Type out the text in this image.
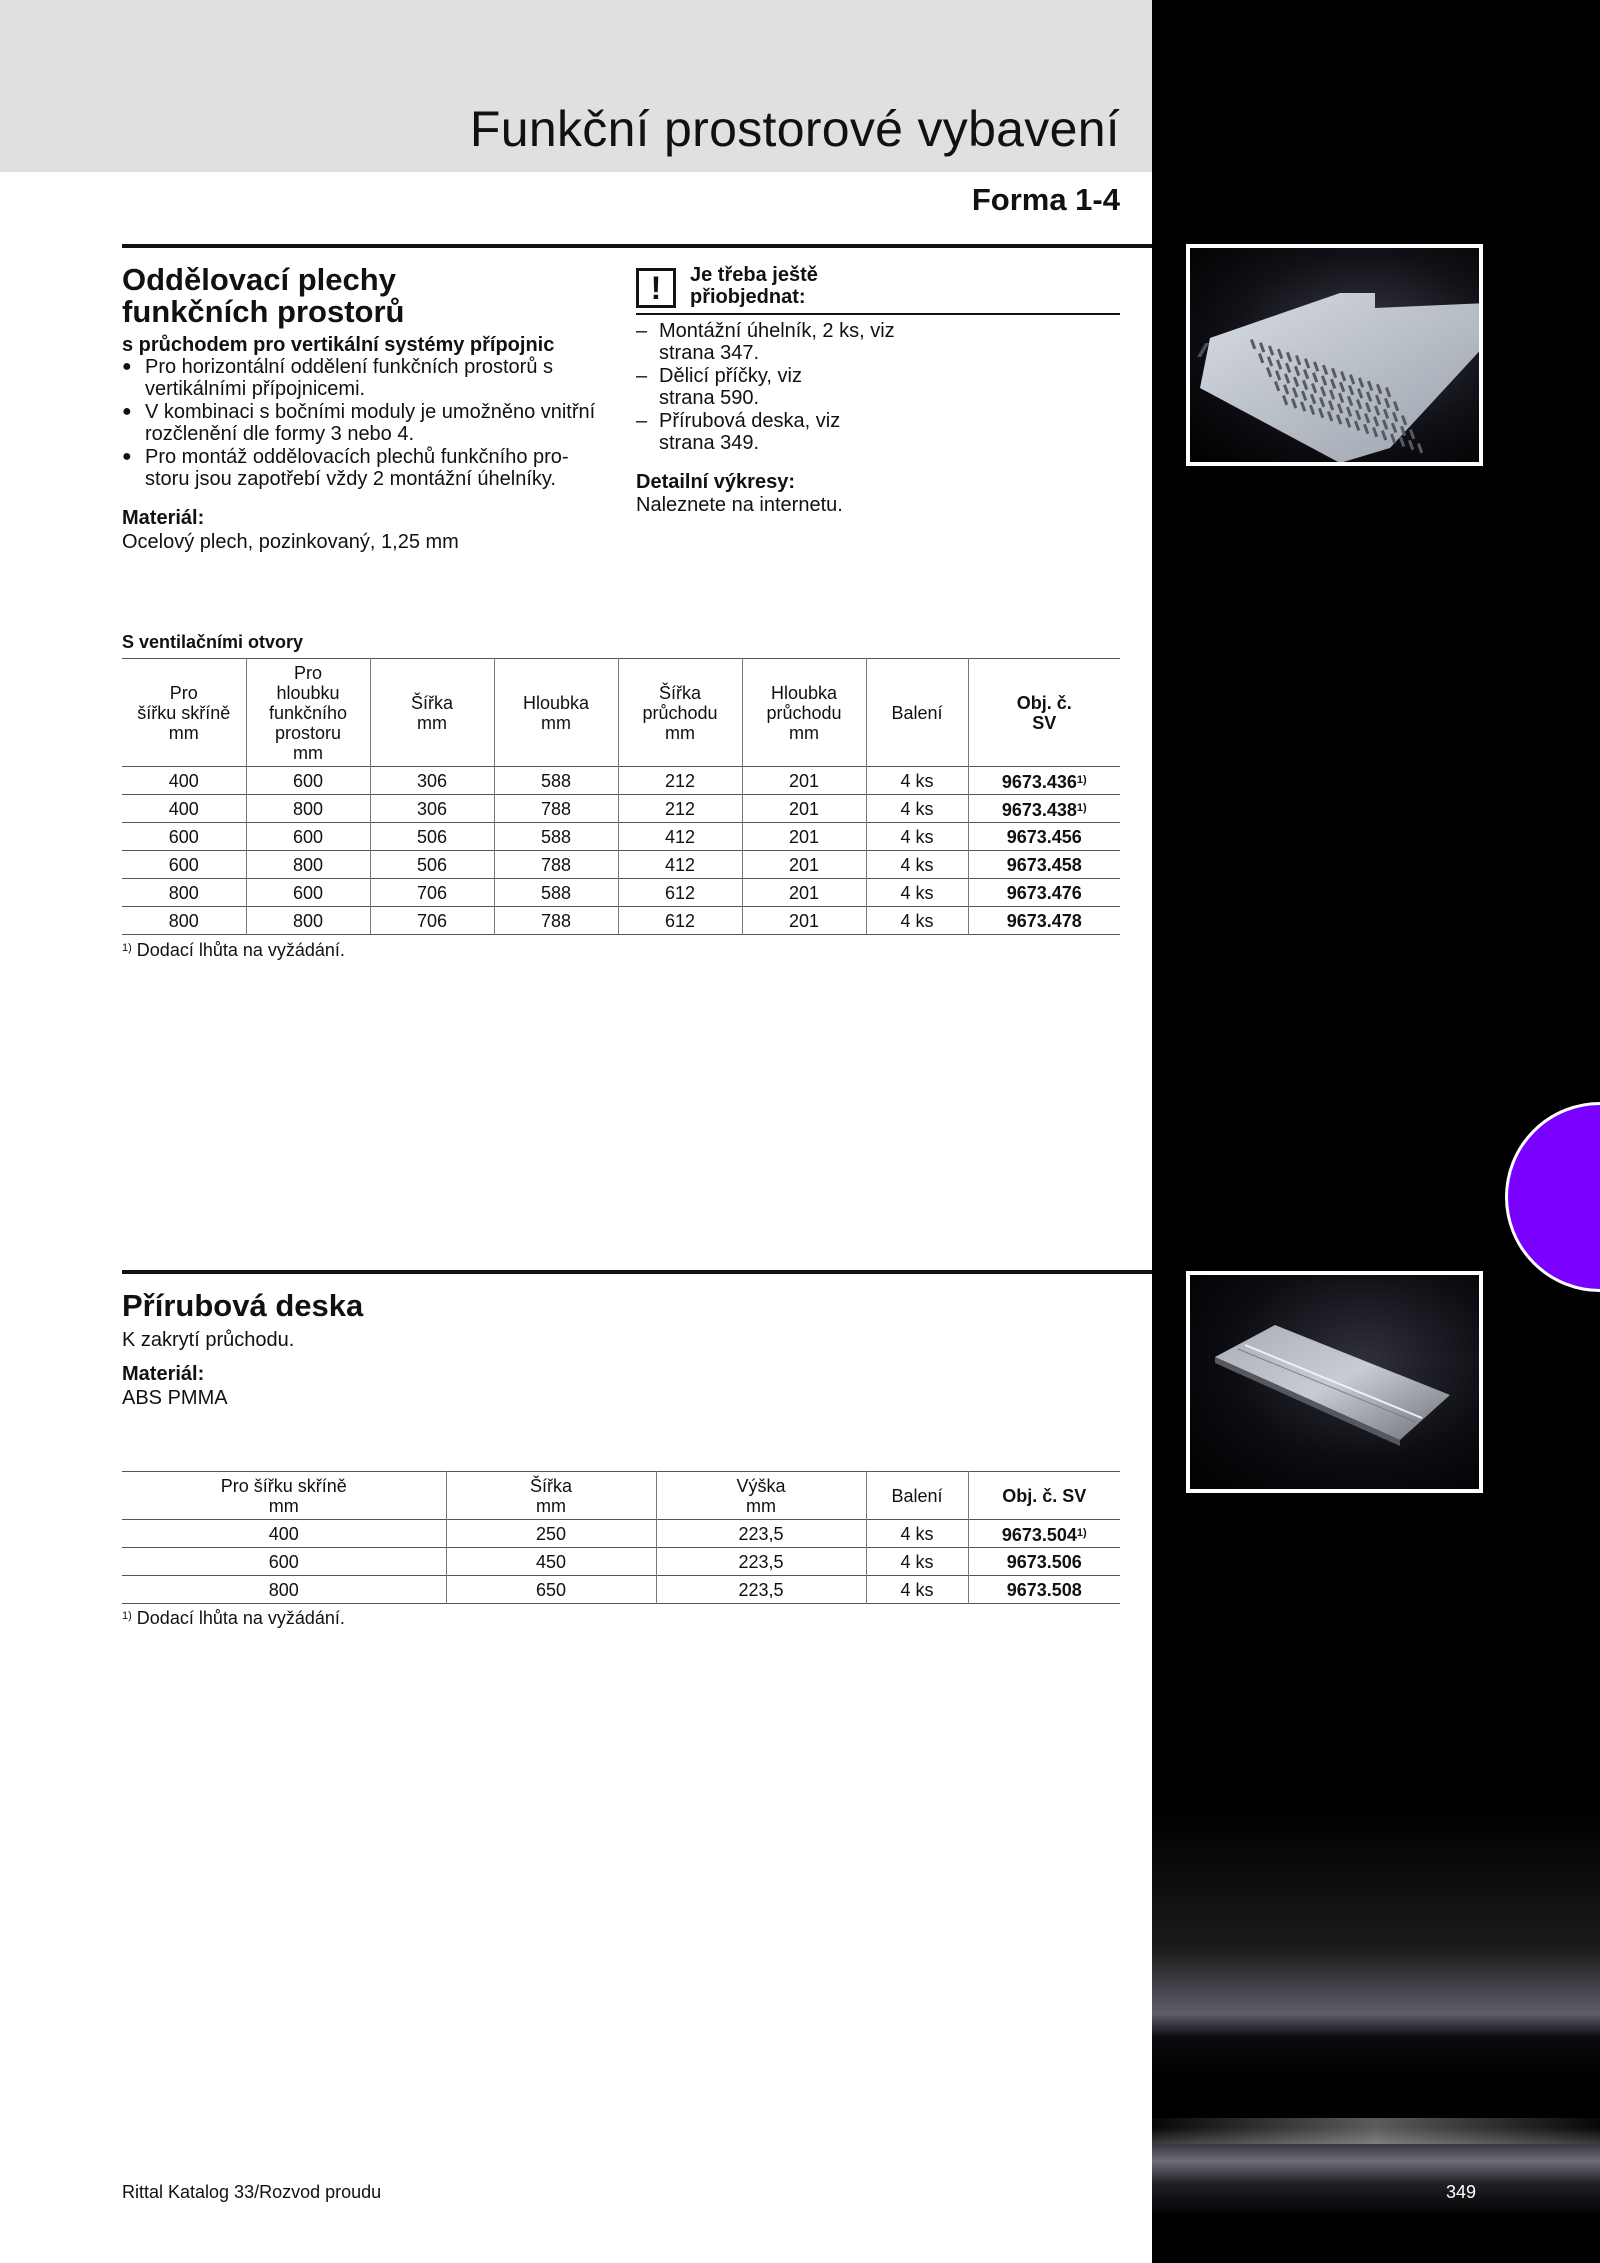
Funkční prostorové vybavení
Forma 1-4
Oddělovací plechy
funkčních prostorů
s průchodem pro vertikální systémy přípojnic
● Pro horizontální oddělení funkčních prostorů s vertikálními přípojnicemi.
● V kombinaci s bočními moduly je umožněno vnitřní rozčlenění dle formy 3 nebo 4.
● Pro montáž oddělovacích plechů funkčního pro-storu jsou zapotřebí vždy 2 montážní úhelníky.
Materiál:
Ocelový plech, pozinkovaný, 1,25 mm
!	Je třeba ještě
přiobjednat:
– Montážní úhelník, 2 ks, viz strana 347.
– Dělicí příčky, viz strana 590.
– Přírubová deska, viz strana 349.
Detailní výkresy:
Naleznete na internetu.
S ventilačními otvory
Pro
šířku skříně
mm	Pro
hloubku
funkčního
prostoru
mm	Šířka
mm	Hloubka
mm	Šířka
průchodu
mm	Hloubka
průchodu
mm	Balení	Obj. č.
SV
400	600	306	588	212	201	4 ks	9673.436$^{1)}$
400	800	306	788	212	201	4 ks	9673.438$^{1)}$
600	600	506	588	412	201	4 ks	9673.456
600	800	506	788	412	201	4 ks	9673.458
800	600	706	588	612	201	4 ks	9673.476
800	800	706	788	612	201	4 ks	9673.478
$^{1)}$ Dodací lhůta na vyžádání.
Přírubová deska
K zakrytí průchodu.
Materiál:
ABS PMMA
Pro šířku skříně
mm	Šířka
mm	Výška
mm	Balení	Obj. č. SV
400	250	223,5	4 ks	9673.504$^{1)}$
600	450	223,5	4 ks	9673.506
800	650	223,5	4 ks	9673.508
$^{1)}$ Dodací lhůta na vyžádání.
Rittal Katalog 33/Rozvod proudu	349
